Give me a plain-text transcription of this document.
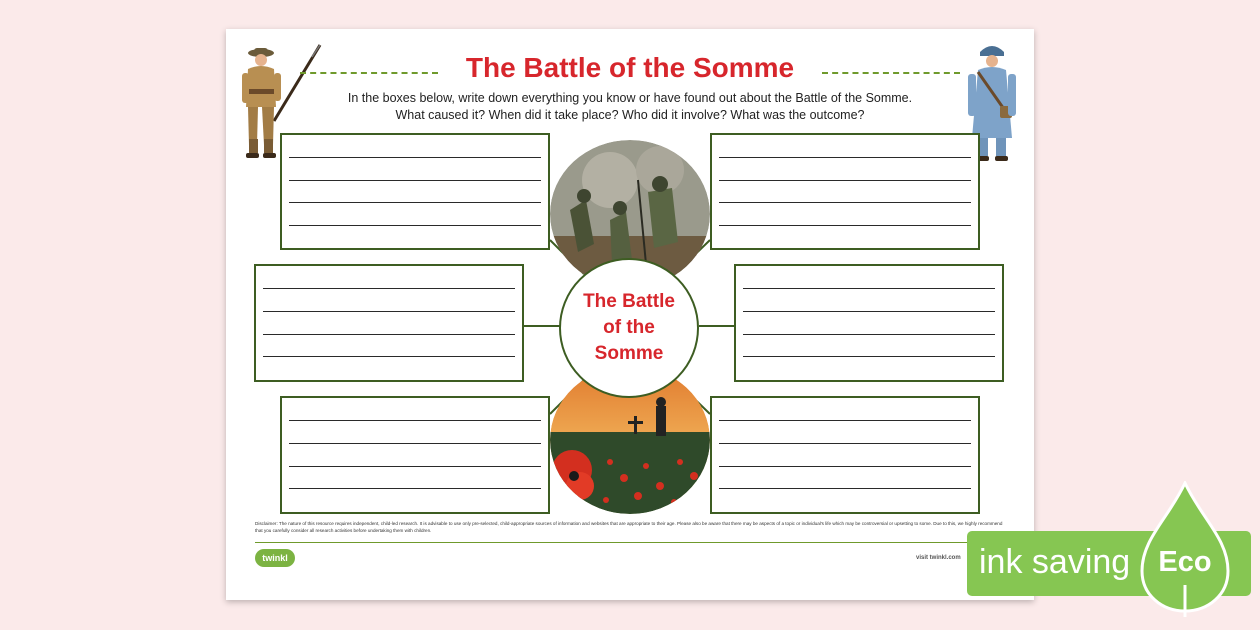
The Battle of the Somme
In the boxes below, write down everything you know or have found out about the Battle of the Somme.
What caused it? When did it take place? Who did it involve? What was the outcome?
The Battle of the Somme
Disclaimer: The nature of this resource requires independent, child-led research. It is advisable to use only pre-selected, child-appropriate sources of information and websites that are appropriate to their age. Please also be aware that there may be aspects of a topic or individual's life which may be controversial or upsetting to some. Due to this, we highly recommend that you carefully consider all research activities before undertaking them with children.
twinkl	visit twinkl.com ink saving Eco
